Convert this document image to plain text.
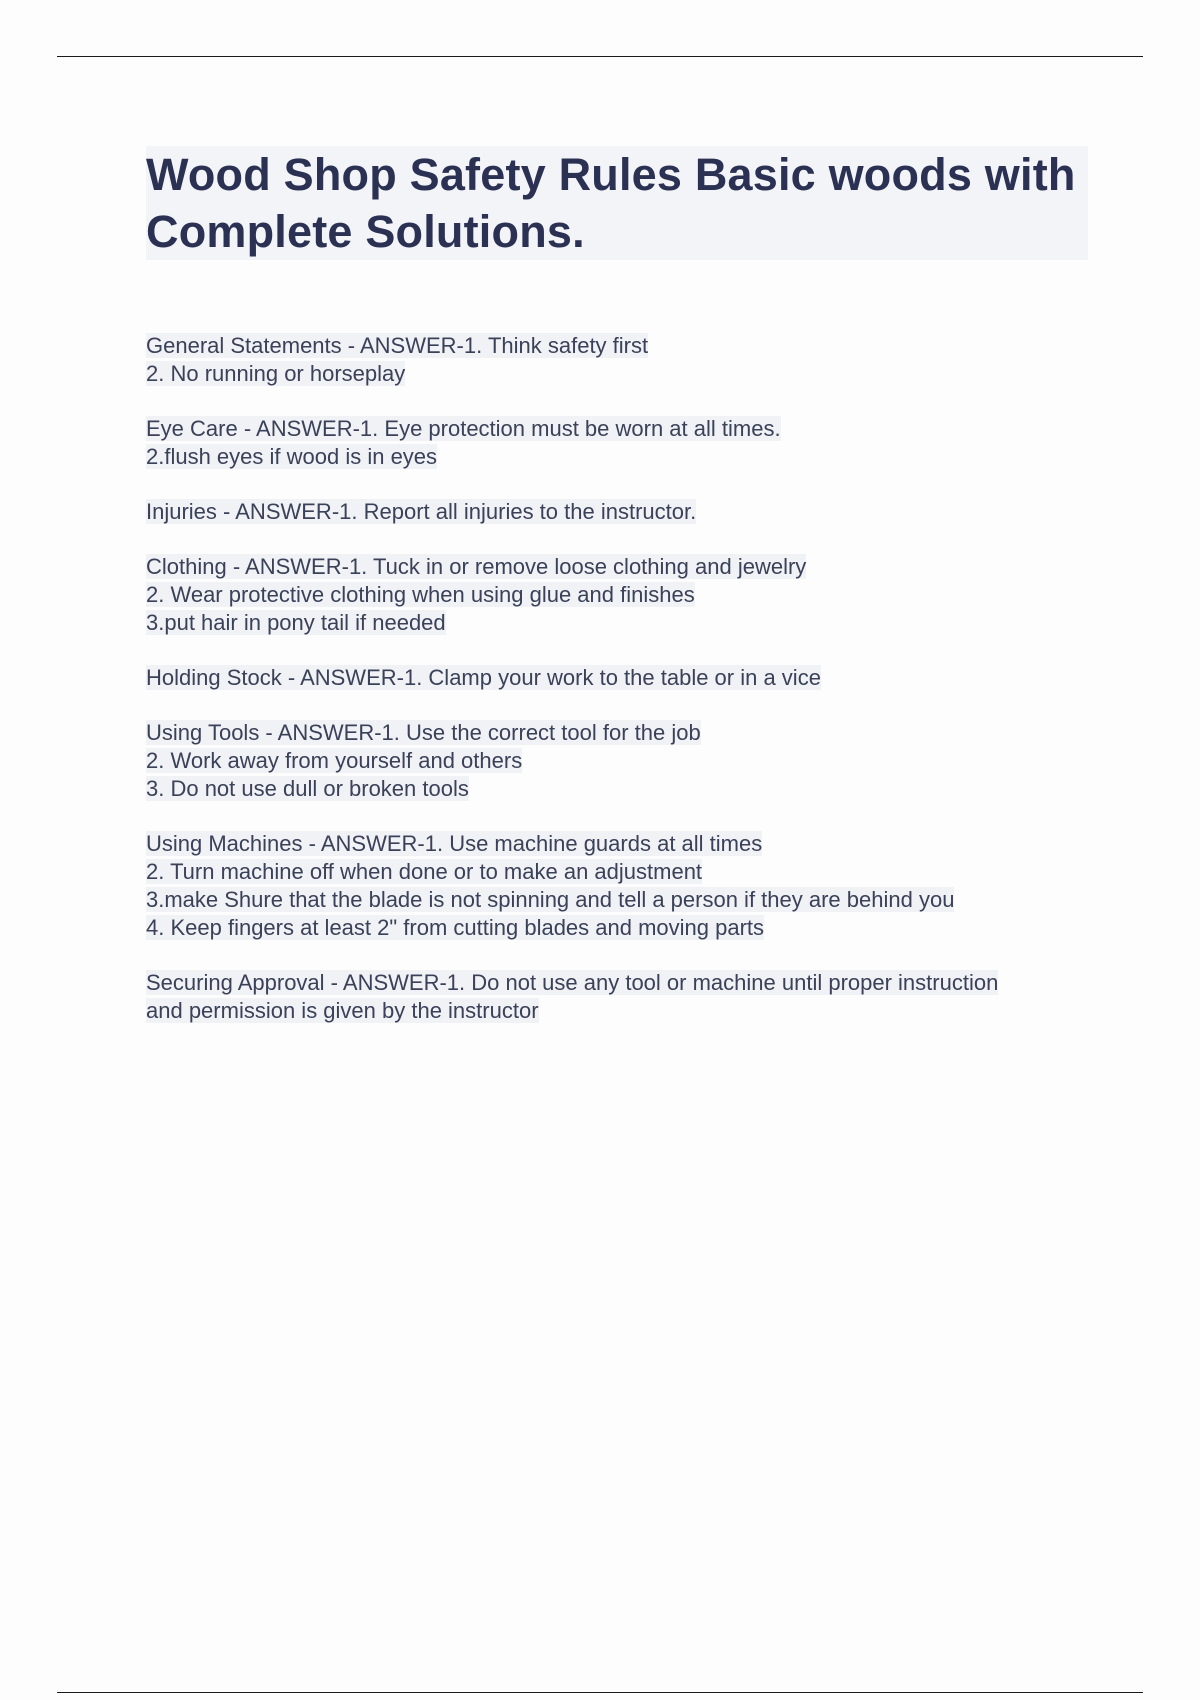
Wood Shop Safety Rules Basic woods with Complete Solutions.
General Statements - ANSWER-1. Think safety first
2. No running or horseplay
Eye Care - ANSWER-1. Eye protection must be worn at all times.
2.flush eyes if wood is in eyes
Injuries - ANSWER-1. Report all injuries to the instructor.
Clothing - ANSWER-1. Tuck in or remove loose clothing and jewelry
2. Wear protective clothing when using glue and finishes
3.put hair in pony tail if needed
Holding Stock - ANSWER-1. Clamp your work to the table or in a vice
Using Tools - ANSWER-1. Use the correct tool for the job
2. Work away from yourself and others
3. Do not use dull or broken tools
Using Machines - ANSWER-1. Use machine guards at all times
2. Turn machine off when done or to make an adjustment
3.make Shure that the blade is not spinning and tell a person if they are behind you
4. Keep fingers at least 2" from cutting blades and moving parts
Securing Approval - ANSWER-1. Do not use any tool or machine until proper instruction
and permission is given by the instructor
